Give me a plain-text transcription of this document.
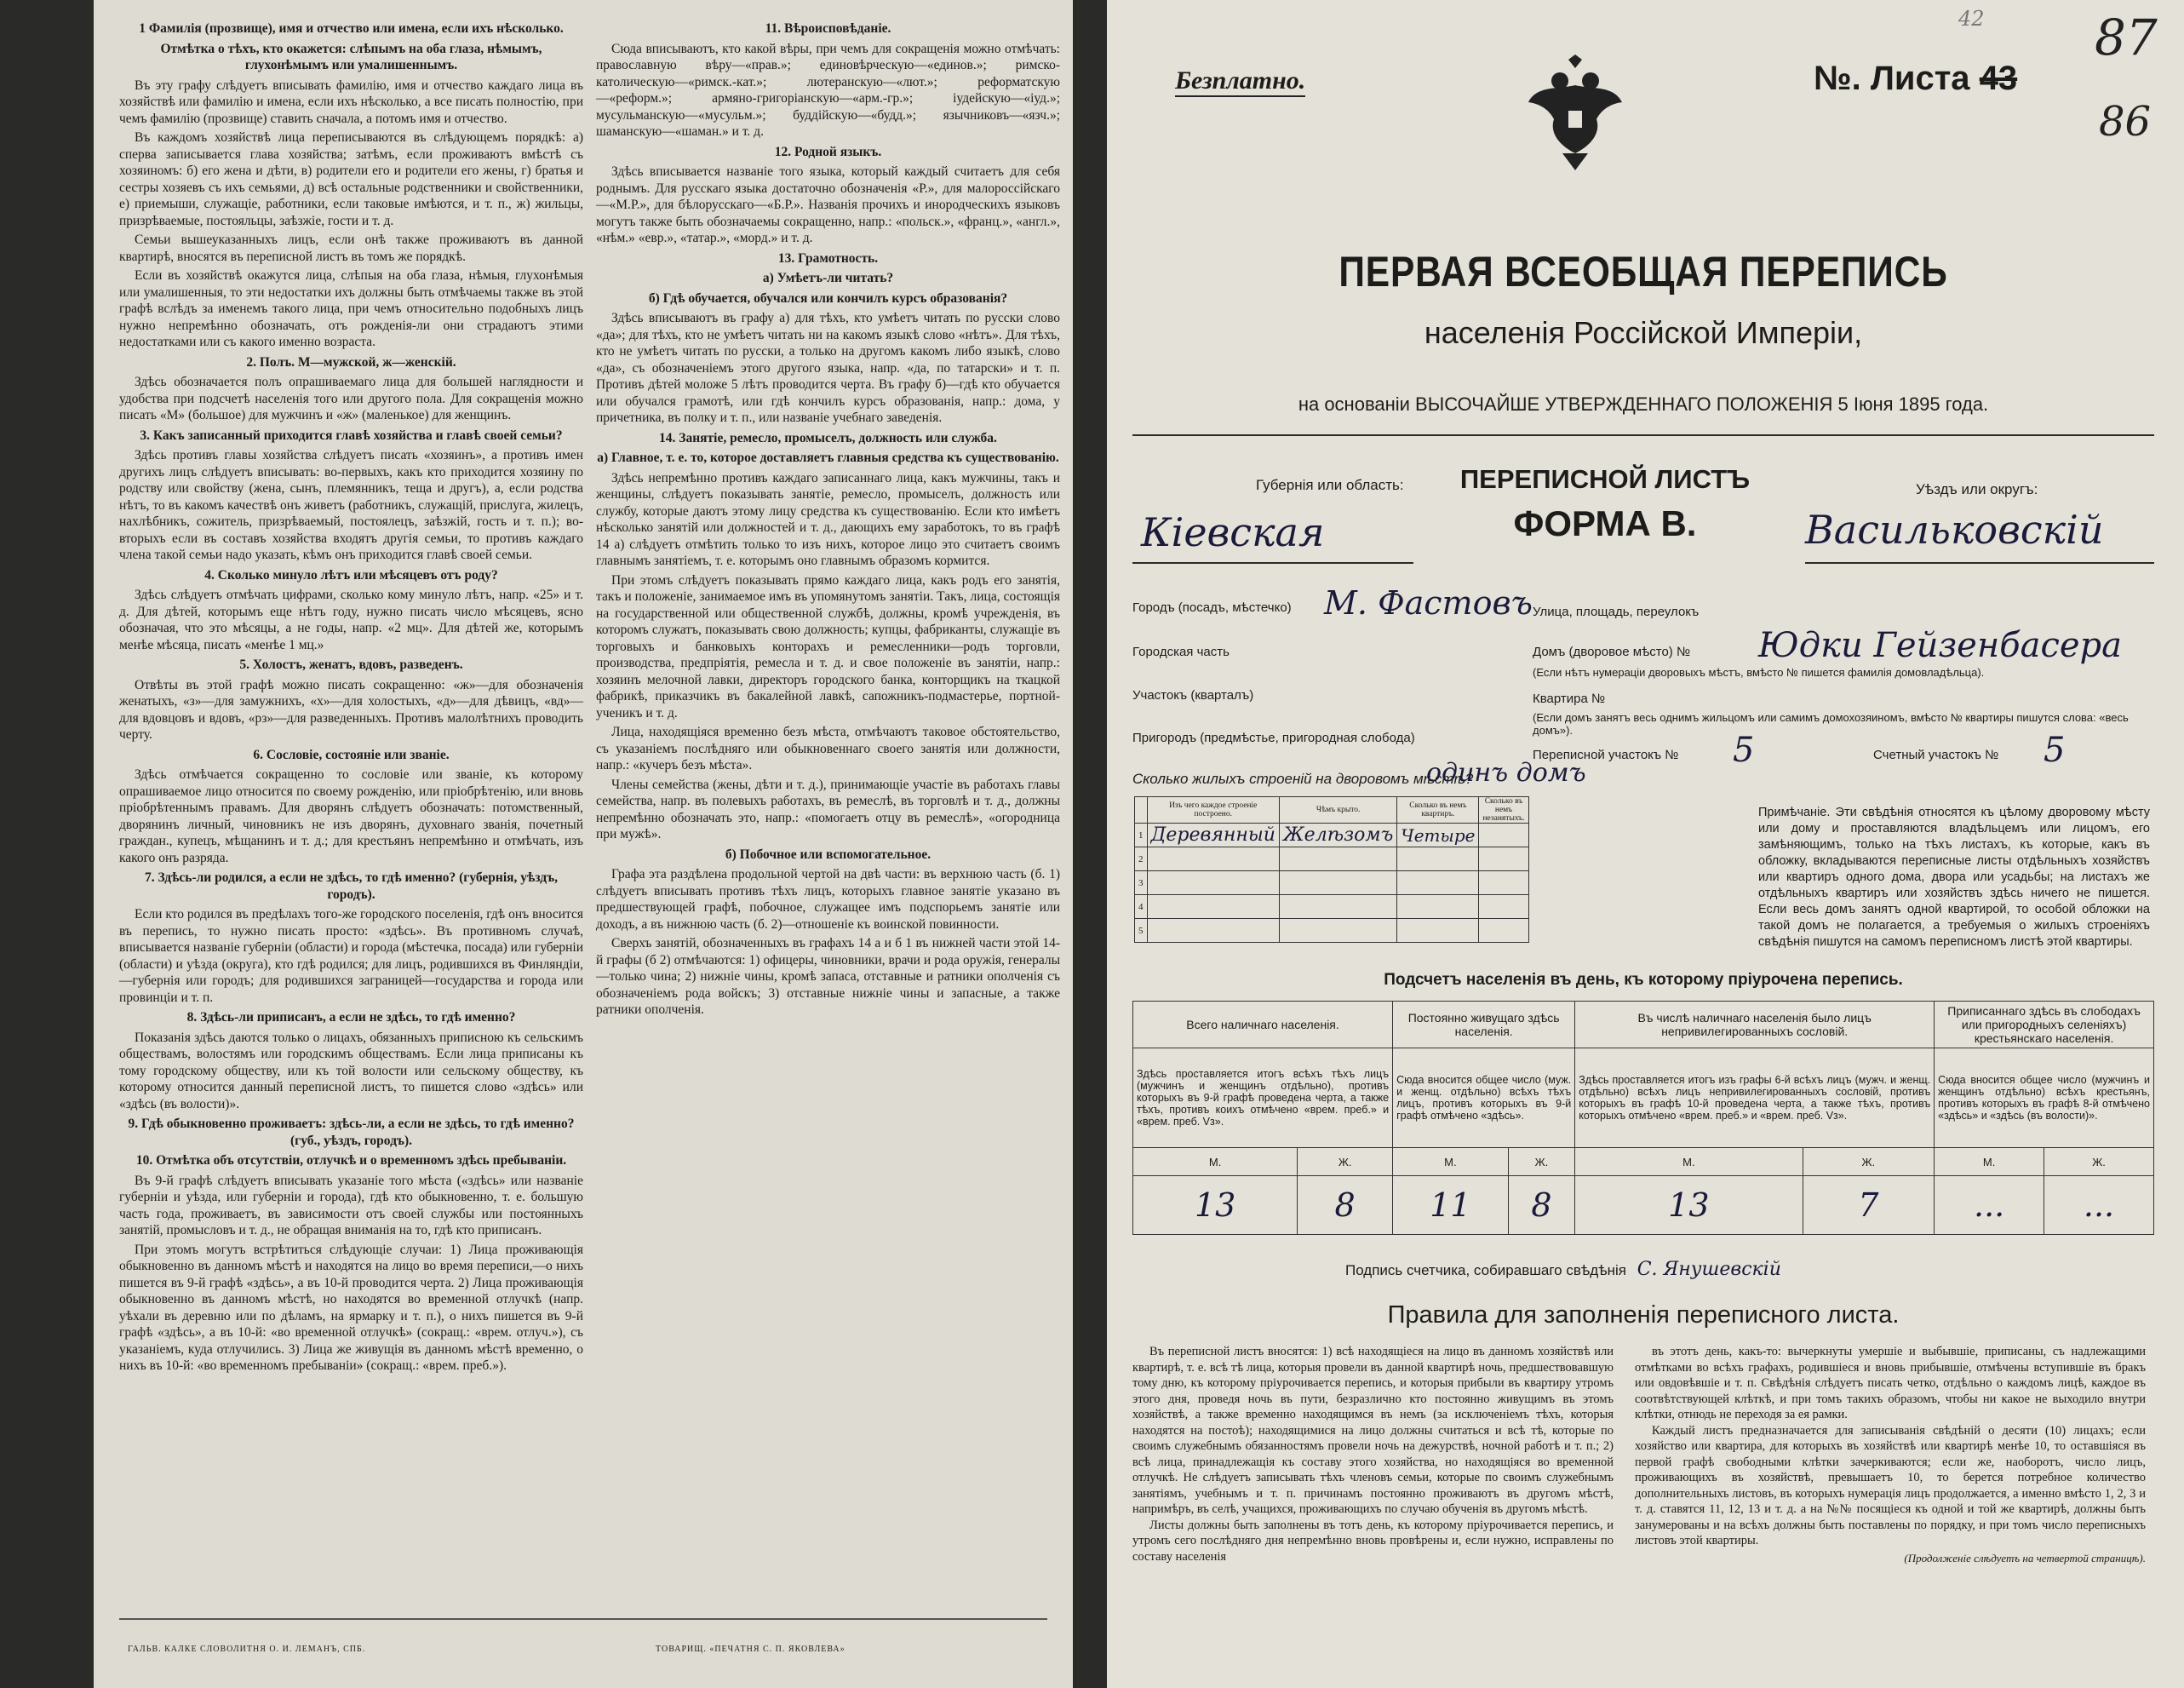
1 Фамилія (прозвище), имя и отчество или имена, если ихъ нѣсколько.
Отмѣтка о тѣхъ, кто окажется: слѣпымъ на оба глаза, нѣмымъ, глухонѣмымъ или умалишеннымъ.

Въ эту графу слѣдуетъ вписывать фамилію, имя и отчество каждаго лица въ хозяйствѣ или фамилію и имена, если ихъ нѣсколько, а все писать полностію, при чемъ фамилію (прозвище) ставить сначала, а потомъ имя и отчество.

Въ каждомъ хозяйствѣ лица переписываются въ слѣдующемъ порядкѣ: а) сперва записывается глава хозяйства; затѣмъ, если проживаютъ вмѣстѣ съ хозяиномъ: б) его жена и дѣти, в) родители его и родители его жены, г) братья и сестры хозяевъ съ ихъ семьями, д) всѣ остальные родственники и свойственники, е) приемыши, служащіе, работники, если таковые имѣются, и т. п., ж) жильцы, призрѣваемые, постояльцы, заѣзжіе, гости и т. д.

Семьи вышеуказанныхъ лицъ, если онѣ также проживаютъ въ данной квартирѣ, вносятся въ переписной листъ въ томъ же порядкѣ.

Если въ хозяйствѣ окажутся лица, слѣпыя на оба глаза, нѣмыя, глухонѣмыя или умалишенныя, то эти недостатки ихъ должны быть отмѣчаемы также въ этой графѣ вслѣдъ за именемъ такого лица, при чемъ относительно подобныхъ лицъ нужно непремѣнно обозначать, отъ рожденія-ли они страдаютъ этими недостатками или съ какого именно возраста.

2. Полъ. М—мужской, ж—женскій.

Здѣсь обозначается полъ опрашиваемаго лица для большей наглядности и удобства при подсчетѣ населенія того или другого пола. Для сокращенія можно писать «М» (большое) для мужчинъ и «ж» (маленькое) для женщинъ.

3. Какъ записанный приходится главѣ хозяйства и главѣ своей семьи?

Здѣсь противъ главы хозяйства слѣдуетъ писать «хозяинъ», а противъ имен другихъ лицъ слѣдуетъ вписывать: во-первыхъ, какъ кто приходится хозяину по родству или свойству (жена, сынъ, племянникъ, теща и другъ), а, если родства нѣтъ, то въ какомъ качествѣ онъ живетъ (работникъ, служащій, прислуга, жилецъ, нахлѣбникъ, сожитель, призрѣваемый, постоялецъ, заѣзжій, гость и т. п.); во-вторыхъ если въ составъ хозяйства входятъ другія семьи, то противъ каждаго члена такой семьи надо указать, кѣмъ онъ приходится главѣ своей семьи.

4. Сколько минуло лѣтъ или мѣсяцевъ отъ роду?

Здѣсь слѣдуетъ отмѣчать цифрами, сколько кому минуло лѣтъ, напр. «25» и т. д. Для дѣтей, которымъ еще нѣтъ году, нужно писать число мѣсяцевъ, ясно обозначая, что это мѣсяцы, а не годы, напр. «2 мц». Для дѣтей же, которымъ менѣе мѣсяца, писать «менѣе 1 мц.»

5. Холостъ, женатъ, вдовъ, разведенъ.

Отвѣты въ этой графѣ можно писать сокращенно: «ж»—для обозначенія женатыхъ, «з»—для замужнихъ, «х»—для холостыхъ, «д»—для дѣвицъ, «вд»—для вдовцовъ и вдовъ, «рз»—для разведенныхъ. Противъ малолѣтнихъ проводить черту.

6. Сословіе, состояніе или званіе.

Здѣсь отмѣчается сокращенно то сословіе или званіе, къ которому опрашиваемое лицо относится по своему рожденію, или пріобрѣтенію, или вновь пріобрѣтеннымъ правамъ. Для дворянъ слѣдуетъ обозначать: потомственный, дворянинъ личный, чиновникъ не изъ дворянъ, духовнаго званія, почетный граждан., купецъ, мѣщанинъ и т. д.; для крестьянъ непремѣнно и отмѣчать, изъ какого онъ разряда.

7. Здѣсь-ли родился, а если не здѣсь, то гдѣ именно? (губернія, уѣздъ, городъ).

Если кто родился въ предѣлахъ того-же городского поселенія, гдѣ онъ вносится въ перепись, то нужно писать просто: «здѣсь». Въ противномъ случаѣ, вписывается названіе губерніи (области) и города (мѣстечка, посада) или губерніи (области) и уѣзда (округа), кто гдѣ родился; для лицъ, родившихся въ Финляндіи,—губернія или городъ; для родившихся заграницей—государства и города или провинціи и т. п.

8. Здѣсь-ли приписанъ, а если не здѣсь, то гдѣ именно?

Показанія здѣсь даются только о лицахъ, обязанныхъ приписною къ сельскимъ обществамъ, волостямъ или городскимъ обществамъ. Если лица приписаны къ тому городскому обществу, или къ той волости или сельскому обществу, къ которому относится данный переписной листъ, то пишется слово «здѣсь» или «здѣсь (въ волости)».

9. Гдѣ обыкновенно проживаетъ: здѣсь-ли, а если не здѣсь, то гдѣ именно? (губ., уѣздъ, городъ).
10. Отмѣтка объ отсутствіи, отлучкѣ и о временномъ здѣсь пребываніи.

Въ 9-й графѣ слѣдуетъ вписывать указаніе того мѣста («здѣсь» или названіе губерніи и уѣзда, или губерніи и города), гдѣ кто обыкновенно, т. е. большую часть года, проживаетъ, въ зависимости отъ своей службы или постоянныхъ занятій, промысловъ и т. д., не обращая вниманія на то, гдѣ кто приписанъ.

При этомъ могутъ встрѣтиться слѣдующіе случаи: 1) Лица проживающія обыкновенно въ данномъ мѣстѣ и находятся на лицо во время переписи,—о нихъ пишется въ 9-й графѣ «здѣсь», а въ 10-й проводится черта. 2) Лица проживающія обыкновенно въ данномъ мѣстѣ, но находятся во временной отлучкѣ (напр. уѣхали въ деревню или по дѣламъ, на ярмарку и т. п.), о нихъ пишется въ 9-й графѣ «здѣсь», а въ 10-й: «во временной отлучкѣ» (сокращ.: «врем. отлуч.»), съ указаніемъ, куда отлучились. 3) Лица же живущія въ данномъ мѣстѣ временно, о нихъ въ 10-й: «во временномъ пребываніи» (сокращ.: «врем. преб.»).

11. Вѣроисповѣданіе.

Сюда вписываютъ, кто какой вѣры, при чемъ для сокращенія можно отмѣчать: православную вѣру—«прав.»; единовѣрческую—«единов.»; римско-католическую—«римск.-кат.»; лютеранскую—«лют.»; реформатскую—«реформ.»; армяно-григоріанскую—«арм.-гр.»; іудейскую—«іуд.»; мусульманскую—«мусульм.»; буддійскую—«будд.»; язычниковъ—«язч.»; шаманскую—«шаман.» и т. д.

12. Родной языкъ.

Здѣсь вписывается названіе того языка, который каждый считаетъ для себя роднымъ. Для русскаго языка достаточно обозначенія «Р.», для малороссійскаго—«М.Р.», для бѣлорусскаго—«Б.Р.». Названія прочихъ и инородческихъ языковъ могутъ также быть обозначаемы сокращенно, напр.: «польск.», «франц.», «англ.», «нѣм.» «евр.», «татар.», «морд.» и т. д.

13. Грамотность.
а) Умѣетъ-ли читать?
б) Гдѣ обучается, обучался или кончилъ курсъ образованія?

Здѣсь вписываютъ въ графу а) для тѣхъ, кто умѣетъ читать по русски слово «да»; для тѣхъ, кто не умѣетъ читать ни на какомъ языкѣ слово «нѣтъ». Для тѣхъ, кто не умѣетъ читать по русски, а только на другомъ какомъ либо языкѣ, слово «да», съ обозначеніемъ этого другого языка, напр. «да, по татарски» и т. п. Противъ дѣтей моложе 5 лѣтъ проводится черта. Въ графу б)—гдѣ кто обучается или обучался грамотѣ, или гдѣ кончилъ курсъ образованія, напр.: дома, у причетника, въ полку и т. п., или названіе учебнаго заведенія.

14. Занятіе, ремесло, промыселъ, должность или служба.
а) Главное, т. е. то, которое доставляетъ главныя средства къ существованію.

Здѣсь непремѣнно противъ каждаго записаннаго лица, какъ мужчины, такъ и женщины, слѣдуетъ показывать занятіе, ремесло, промыселъ, должность или службу, которые даютъ этому лицу средства къ существованію. Если кто имѣетъ нѣсколько занятій или должностей и т. д., дающихъ ему заработокъ, то въ графѣ 14 а) слѣдуетъ отмѣтить только то изъ нихъ, которое лицо это считаетъ своимъ главнымъ занятіемъ, т. е. которымъ оно главнымъ образомъ кормится.

При этомъ слѣдуетъ показывать прямо каждаго лица, какъ родъ его занятія, такъ и положеніе, занимаемое имъ въ упомянутомъ занятіи. Такъ, лица, состоящія на государственной или общественной службѣ, должны, кромѣ учрежденія, въ которомъ служатъ, показывать свою должность; купцы, фабриканты, служащіе въ торговыхъ и банковыхъ конторахъ и ремесленники—родъ торговли, производства, предпріятія, ремесла и т. д. и свое положеніе въ занятіи, напр.: хозяинъ мелочной лавки, директоръ городского банка, конторщикъ на ткацкой фабрикѣ, приказчикъ въ бакалейной лавкѣ, сапожникъ-подмастерье, портной-ученикъ и т. д.

Лица, находящіяся временно безъ мѣста, отмѣчаютъ таковое обстоятельство, съ указаніемъ послѣдняго или обыкновеннаго своего занятія или должности, напр.: «кучеръ безъ мѣста».

Члены семейства (жены, дѣти и т. д.), принимающіе участіе въ работахъ главы семейства, напр. въ полевыхъ работахъ, въ ремеслѣ, въ торговлѣ и т. д., должны непремѣнно обозначать это, напр.: «помогаетъ отцу въ ремеслѣ», «огородница при мужѣ».

б) Побочное или вспомогательное.

Графа эта раздѣлена продольной чертой на двѣ части: въ верхнюю часть (б. 1) слѣдуетъ вписывать противъ тѣхъ лицъ, которыхъ главное занятіе указано въ предшествующей графѣ, побочное, служащее имъ подспорьемъ занятіе или доходъ, а въ нижнюю часть (б. 2)—отношеніе къ воинской повинности.

Сверхъ занятій, обозначенныхъ въ графахъ 14 а и б 1 въ нижней части этой 14-й графы (б 2) отмѣчаются: 1) офицеры, чиновники, врачи и рода оружія, генералы—только чина; 2) нижніе чины, кромѣ запаса, отставные и ратники ополченія съ обозначеніемъ рода войскъ; 3) отставные нижніе чины и запасные, а также ратники ополченія.

ГАЛЬВ. КАЛКЕ СЛОВОЛИТНЯ О. И. ЛЕМАНЪ, СПБ.	ТОВАРИЩ. «ПЕЧАТНЯ С. П. ЯКОВЛЕВА»
Безплатно.	№. Листа 43
42 87
86
ПЕРВАЯ ВСЕОБЩАЯ ПЕРЕПИСЬ
населенія Россійской Имперіи,
на основаніи ВЫСОЧАЙШЕ УТВЕРЖДЕННАГО ПОЛОЖЕНІЯ 5 Іюня 1895 года.
Губернія или область:
Кіевская
ПЕРЕПИСНОЙ ЛИСТЪ
ФОРМА В.
Уѣздъ или округъ:
Васильковскій
Городъ (посадъ, мѣстечко) М. Фастовъ Улица, площадь, переулокъ
Городская часть	Домъ (дворовое мѣсто) № Юдки Гейзенбасера
(Если нѣтъ нумераціи дворовыхъ мѣстъ, вмѣсто № пишется фамилія домовладѣльца).
Участокъ (кварталъ)	Квартира №
(Если домъ занятъ весь однимъ жильцомъ или самимъ домохозяиномъ, вмѣсто № квартиры пишутся слова: «весь домъ»).
Пригородъ (предмѣстье, пригородная слобода)
Переписной участокъ № 5	Счетный участокъ № 5
Сколько жилыхъ строеній на дворовомъ мѣстѣ?
одинъ домъ
	Изъ чего каждое строеніе построено.	Чѣмъ крыто.	Сколько въ немъ квартиръ.	Сколько въ немъ незанятыхъ.
1	Деревянный	Желѣзомъ	Четыре	
2				
3				
4				
5				
Примѣчаніе. Эти свѣдѣнія относятся къ цѣлому дворовому мѣсту или дому и проставляются владѣльцемъ или лицомъ, его замѣняющимъ, только на тѣхъ листахъ, къ которые, какъ въ обложку, вкладываются переписные листы отдѣльныхъ хозяйствъ или квартиръ одного дома, двора или усадьбы; на листахъ же отдѣльныхъ квартиръ или хозяйствъ здѣсь ничего не пишется. Если весь домъ занятъ одной квартирой, то особой обложки на такой домъ не полагается, а требуемыя о жилыхъ строеніяхъ свѣдѣнія пишутся на самомъ переписномъ листѣ этой квартиры.
Подсчетъ населенія въ день, къ которому пріурочена перепись.
Всего наличнаго населенія.		Постоянно живущаго здѣсь населенія.		Въ числѣ наличнаго населенія было лицъ непривилегированныхъ сословій.		Приписаннаго здѣсь въ слободахъ или пригородныхъ селеніяхъ) крестьянскаго населенія.	
Здѣсь проставляется итогъ всѣхъ тѣхъ лицъ (мужчинъ и женщинъ отдѣльно), противъ которыхъ въ 9-й графѣ проведена черта, а также тѣхъ, противъ коихъ отмѣчено «врем. преб.» и «врем. преб. Vз».		Сюда вносится общее число (муж. и женщ. отдѣльно) всѣхъ тѣхъ лицъ, противъ которыхъ въ 9-й графѣ отмѣчено «здѣсь».		Здѣсь проставляется итогъ изъ графы 6-й всѣхъ лицъ (мужч. и женщ. отдѣльно) всѣхъ лицъ непривилегированныхъ сословій, противъ которыхъ въ графѣ 10-й проведена черта, а также тѣхъ, противъ которыхъ отмѣчено «врем. преб.» и «врем. преб. Vз».		Сюда вносится общее число (мужчинъ и женщинъ отдѣльно) всѣхъ крестьянъ, противъ которыхъ въ графѣ 8-й отмѣчено «здѣсь» и «здѣсь (въ волости)».	
М.	Ж.	М.	Ж.	М.	Ж.	М.	Ж.
13	8	11	8	13	7	...	...
Подпись счетчика, собиравшаго свѣдѣнія С. Янушевскій
Правила для заполненія переписного листа.

Въ переписной листъ вносятся: 1) всѣ находящіеся на лицо въ данномъ хозяйствѣ или квартирѣ, т. е. всѣ тѣ лица, которыя провели въ данной квартирѣ ночь, предшествовавшую тому дню, къ которому пріурочивается перепись, и которыя прибыли въ квартиру утромъ этого дня, проведя ночь въ пути, безразлично кто постоянно живущимъ въ этомъ хозяйствѣ, а также временно находящимся въ немъ (за исключеніемъ тѣхъ, которыя находятся на постоѣ); находящимися на лицо должны считаться и всѣ тѣ, которые по своимъ служебнымъ обязанностямъ провели ночь на дежурствѣ, ночной работѣ и т. п.; 2) всѣ лица, принадлежащія къ составу этого хозяйства, но находящіяся во временной отлучкѣ. Не слѣдуетъ записывать тѣхъ членовъ семьи, которые по своимъ служебнымъ занятіямъ, учебнымъ и т. п. причинамъ постоянно проживаютъ въ другомъ мѣстѣ, напримѣръ, въ селѣ, учащихся, проживающихъ по случаю обученія въ другомъ мѣстѣ.

Листы должны быть заполнены въ тотъ день, къ которому пріурочивается перепись, и утромъ сего послѣдняго дня непремѣнно вновь провѣрены и, если нужно, исправлены по составу населенія

въ этотъ день, какъ-то: вычеркнуты умершіе и выбывшіе, приписаны, съ надлежащими отмѣтками во всѣхъ графахъ, родившіеся и вновь прибывшіе, отмѣчены вступившіе въ бракъ или овдовѣвшіе и т. п. Свѣдѣнія слѣдуетъ писать четко, отдѣльно о каждомъ лицѣ, каждое въ соотвѣтствующей клѣткѣ, и при томъ такихъ образомъ, чтобы ни какое не выходило внутри клѣтки, отнюдь не переходя за ея рамки.

Каждый листъ предназначается для записыванія свѣдѣній о десяти (10) лицахъ; если хозяйство или квартира, для которыхъ въ хозяйствѣ или квартирѣ менѣе 10, то оставшіяся въ первой графѣ свободными клѣтки зачеркиваются; если же, наоборотъ, число лицъ, проживающихъ въ хозяйствѣ, превышаетъ 10, то берется потребное количество дополнительныхъ листовъ, въ которыхъ нумерація лицъ продолжается, а именно вмѣсто 1, 2, 3 и т. д. ставятся 11, 12, 13 и т. д. а на №№ посящіеся къ одной и той же квартирѣ, должны быть занумерованы и на всѣхъ должны быть поставлены по порядку, и при томъ число переписныхъ листовъ этой квартиры.

(Продолженіе слѣдуетъ на четвертой страницѣ).
